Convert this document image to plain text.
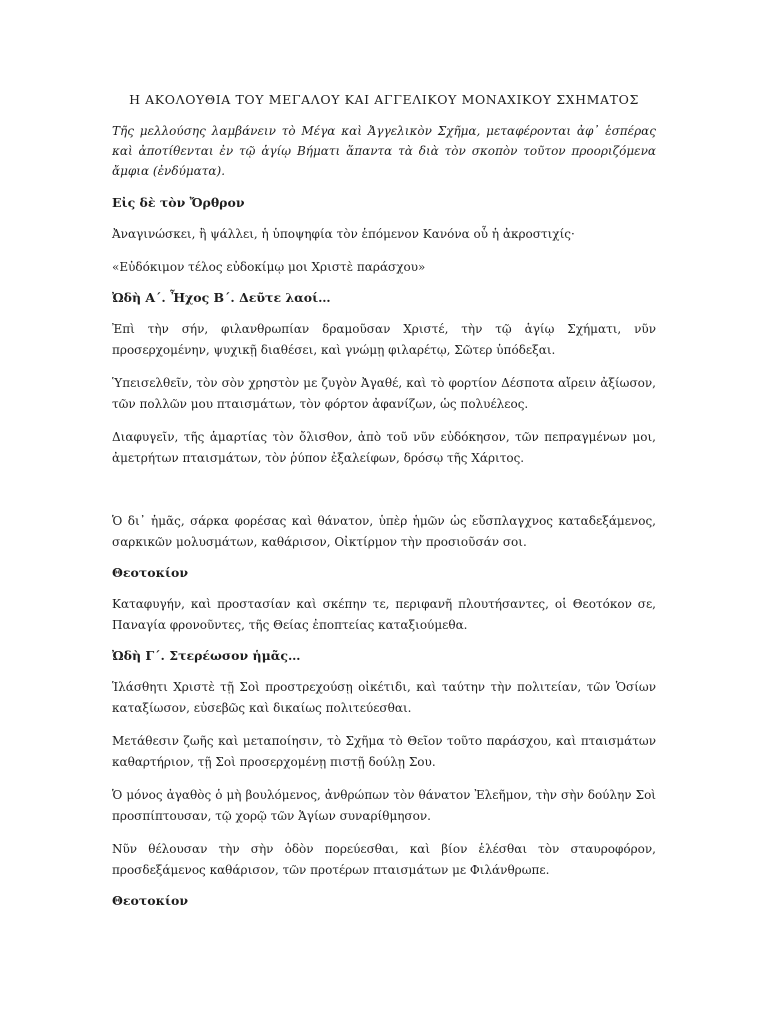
Η ΑΚΟΛΟΥΘΙΑ ΤΟΥ ΜΕΓΑΛΟΥ ΚΑΙ ΑΓΓΕΛΙΚΟΥ ΜΟΝΑΧΙΚΟΥ ΣΧΗΜΑΤΟΣ

Τῆς μελλούσης λαμβάνειν τὸ Μέγα καὶ Ἀγγελικὸν Σχῆμα, μεταφέρονται ἀφ᾽ ἑσπέρας καὶ ἀποτίθενται ἐν τῷ ἁγίῳ Βήματι ἅπαντα τὰ διὰ τὸν σκοπὸν τοῦτον προοριζόμενα ἄμφια (ἐνδύματα).

Εἰς δὲ τὸν Ὄρθρον

Ἀναγινώσκει, ἢ ψάλλει, ἡ ὑποψηφία τὸν ἑπόμενον Κανόνα οὗ ἡ ἀκροστιχίς·

«Εὐδόκιμον τέλος εὐδοκίμῳ μοι Χριστὲ παράσχου»

Ὠδὴ Α΄. Ἦχος Β΄. Δεῦτε λαοί…

Ἐπὶ τὴν σήν, φιλανθρωπίαν δραμοῦσαν Χριστέ, τὴν τῷ ἁγίῳ Σχήματι, νῦν προσερχομένην, ψυχικῇ διαθέσει, καὶ γνώμῃ φιλαρέτῳ, Σῶτερ ὑπόδεξαι.

Ὑπεισελθεῖν, τὸν σὸν χρηστὸν με ζυγὸν Ἀγαθέ, καὶ τὸ φορτίον Δέσποτα αἴρειν ἀξίωσον, τῶν πολλῶν μου πταισμάτων, τὸν φόρτον ἀφανίζων, ὡς πολυέλεος.

Διαφυγεῖν, τῆς ἁμαρτίας τὸν ὄλισθον, ἀπὸ τοῦ νῦν εὐδόκησον, τῶν πεπραγμένων μοι, ἀμετρήτων πταισμάτων, τὸν ῥύπον ἐξαλείφων, δρόσῳ τῆς Χάριτος.

Ὁ δι᾽ ἡμᾶς, σάρκα φορέσας καὶ θάνατον, ὑπὲρ ἡμῶν ὡς εὔσπλαγχνος καταδεξάμενος, σαρκικῶν μολυσμάτων, καθάρισον, Οἰκτίρμον τὴν προσιοῦσάν σοι.

Θεοτοκίον

Καταφυγήν, καὶ προστασίαν καὶ σκέπην τε, περιφανῆ πλουτήσαντες, οἱ Θεοτόκον σε, Παναγία φρονοῦντες, τῆς Θείας ἐποπτείας καταξιούμεθα.

Ὠδὴ Γ΄. Στερέωσον ἡμᾶς…

Ἱλάσθητι Χριστὲ τῇ Σοὶ προστρεχούσῃ οἰκέτιδι, καὶ ταύτην τὴν πολιτείαν, τῶν Ὁσίων καταξίωσον, εὐσεβῶς καὶ δικαίως πολιτεύεσθαι.

Μετάθεσιν ζωῆς καὶ μεταποίησιν, τὸ Σχῆμα τὸ Θεῖον τοῦτο παράσχου, καὶ πταισμάτων καθαρτήριον, τῇ Σοὶ προσερχομένῃ πιστῇ δούλῃ Σου.

Ὁ μόνος ἀγαθὸς ὁ μὴ βουλόμενος, ἀνθρώπων τὸν θάνατον Ἐλεῆμον, τὴν σὴν δούλην Σοὶ προσπίπτουσαν, τῷ χορῷ τῶν Ἁγίων συναρίθμησον.

Νῦν θέλουσαν τὴν σὴν ὁδὸν πορεύεσθαι, καὶ βίον ἑλέσθαι τὸν σταυροφόρον, προσδεξάμενος καθάρισον, τῶν προτέρων πταισμάτων με Φιλάνθρωπε.

Θεοτοκίον
